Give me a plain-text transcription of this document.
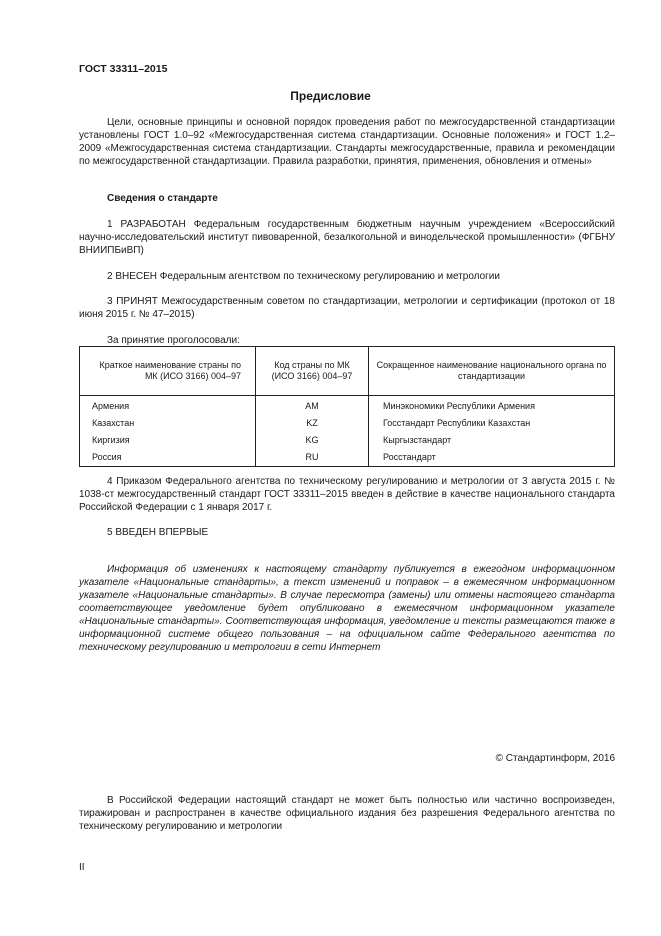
ГОСТ 33311–2015
Предисловие
Цели, основные принципы и основной порядок проведения работ по межгосударственной стандартизации установлены ГОСТ 1.0–92 «Межгосударственная система стандартизации. Основные положения» и ГОСТ 1.2–2009 «Межгосударственная система стандартизации. Стандарты межгосударственные, правила и рекомендации по межгосударственной стандартизации. Правила разработки, принятия, применения, обновления и отмены»
Сведения о стандарте
1 РАЗРАБОТАН Федеральным государственным бюджетным научным учреждением «Всероссийский научно-исследовательский институт пивоваренной, безалкогольной и винодельческой промышленности» (ФГБНУ ВНИИПБиВП)
2 ВНЕСЕН Федеральным агентством по техническому регулированию и метрологии
3 ПРИНЯТ Межгосударственным советом по стандартизации, метрологии и сертификации (протокол от 18 июня 2015 г. № 47–2015)
За принятие проголосовали:
Краткое наименование страны по МК (ИСО 3166) 004–97	Код страны по МК (ИСО 3166) 004–97	Сокращенное наименование национального органа по стандартизации
Армения	AM	Минэкономики Республики Армения
Казахстан	KZ	Госстандарт Республики Казахстан
Киргизия	KG	Кыргызстандарт
Россия	RU	Росстандарт
4 Приказом Федерального агентства по техническому регулированию и метрологии от 3 августа 2015 г. № 1038-ст межгосударственный стандарт ГОСТ 33311–2015 введен в действие в качестве национального стандарта Российской Федерации с 1 января 2017 г.
5 ВВЕДЕН ВПЕРВЫЕ
Информация об изменениях к настоящему стандарту публикуется в ежегодном информационном указателе «Национальные стандарты», а текст изменений и поправок – в ежемесячном информационном указателе «Национальные стандарты». В случае пересмотра (замены) или отмены настоящего стандарта соответствующее уведомление будет опубликовано в ежемесячном информационном указателе «Национальные стандарты». Соответствующая информация, уведомление и тексты размещаются также в информационной системе общего пользования – на официальном сайте Федерального агентства по техническому регулированию и метрологии в сети Интернет
© Стандартинформ, 2016
В Российской Федерации настоящий стандарт не может быть полностью или частично воспроизведен, тиражирован и распространен в качестве официального издания без разрешения Федерального агентства по техническому регулированию и метрологии
II
